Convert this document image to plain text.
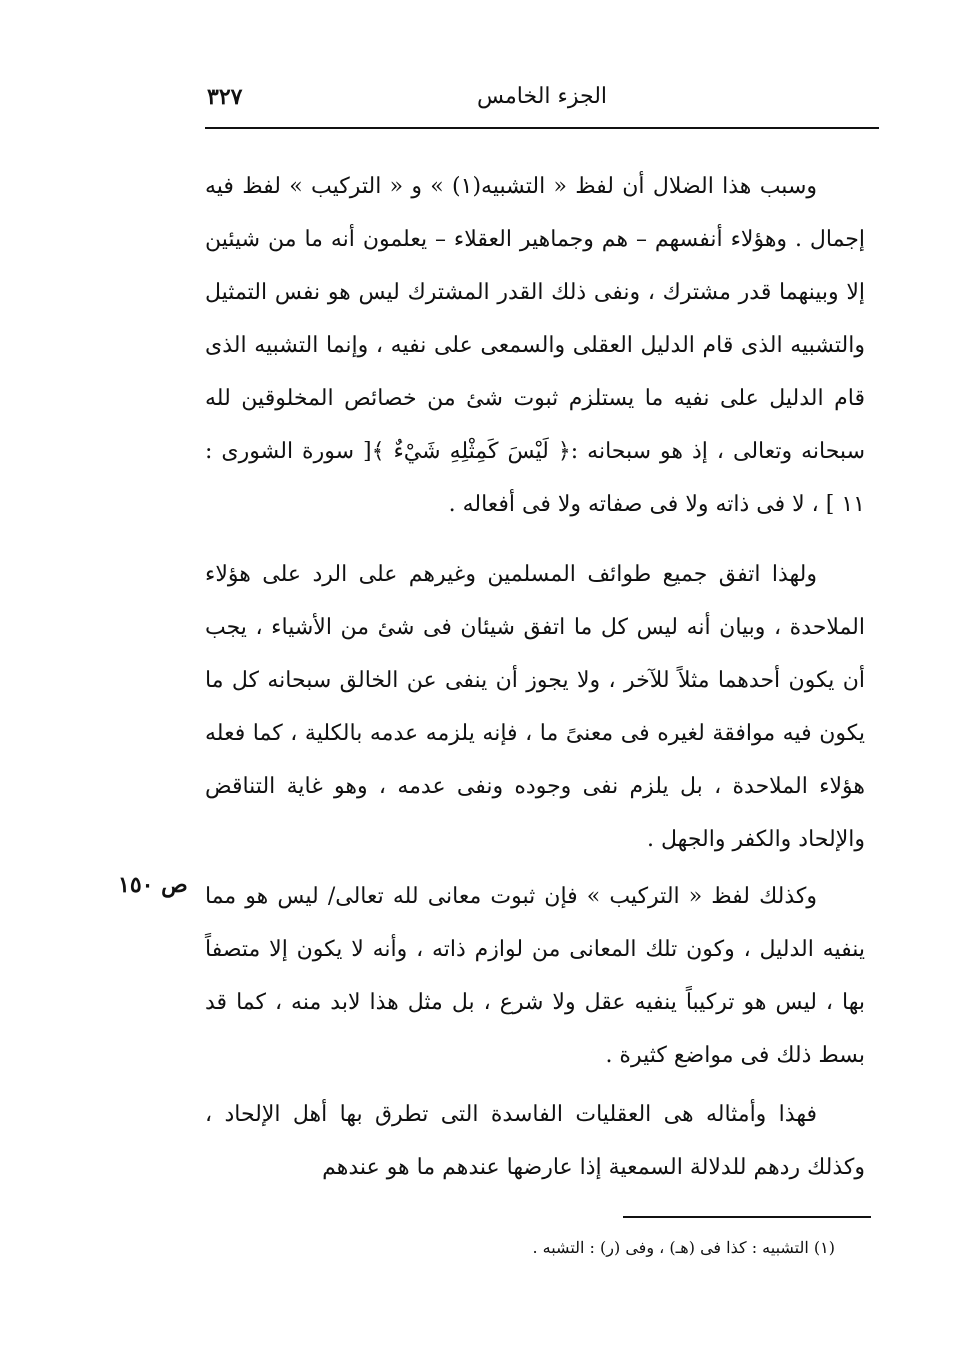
٣٢٧	الجزء الخامس

وسبب هذا الضلال أن لفظ « التشبيه(١) » و « التركيب » لفظ فيه إجمال . وهؤلاء أنفسهم – هم وجماهير العقلاء – يعلمون أنه ما من شيئين إلا وبينهما قدر مشترك ، ونفى ذلك القدر المشترك ليس هو نفس التمثيل والتشبيه الذى قام الدليل العقلى والسمعى على نفيه ، وإنما التشبيه الذى قام الدليل على نفيه ما يستلزم ثبوت شئ من خصائص المخلوقين لله سبحانه وتعالى ، إذ هو سبحانه :﴿ لَيْسَ كَمِثْلِهِ شَيْءٌ ﴾[ سورة الشورى : ١١ ] ، لا فى ذاته ولا فى صفاته ولا فى أفعاله .

ولهذا اتفق جميع طوائف المسلمين وغيرهم على الرد على هؤلاء الملاحدة ، وبيان أنه ليس كل ما اتفق شيئان فى شئ من الأشياء ، يجب أن يكون أحدهما مثلاً للآخر ، ولا يجوز أن ينفى عن الخالق سبحانه كل ما يكون فيه موافقة لغيره فى معنىً ما ، فإنه يلزمه عدمه بالكلية ، كما فعله هؤلاء الملاحدة ، بل يلزم نفى وجوده ونفى عدمه ، وهو غاية التناقض والإلحاد والكفر والجهل .

وكذلك لفظ « التركيب » فإن ثبوت معانى لله تعالى/ ليس هو مما ينفيه الدليل ، وكون تلك المعانى من لوازم ذاته ، وأنه لا يكون إلا متصفاً بها ، ليس هو تركيباً ينفيه عقل ولا شرع ، بل مثل هذا لابد منه ، كما قد بسط ذلك فى مواضع كثيرة .

ص ١٥٠

فهذا وأمثاله هى العقليات الفاسدة التى تطرق بها أهل الإلحاد ، وكذلك ردهم للدلالة السمعية إذا عارضها عندهم ما هو عندهم

(١) التشبيه : كذا فى (هـ) ، وفى (ر) : التشبه .
